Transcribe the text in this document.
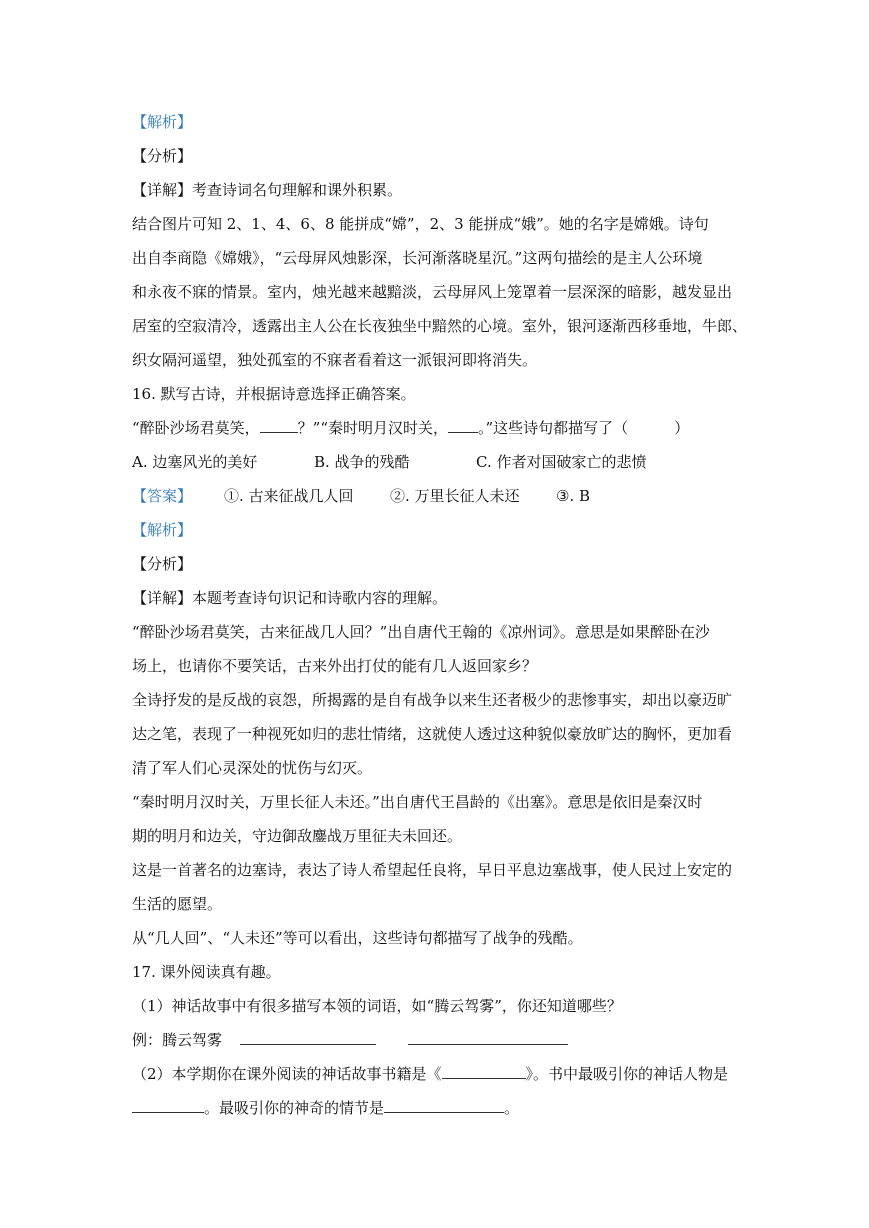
【解析】
【分析】
【详解】考查诗词名句理解和课外积累。
结合图片可知 2、1、4、6、8 能拼成“嫦”，2、3 能拼成“娥”。她的名字是嫦娥。诗句
出自李商隐《嫦娥》，“云母屏风烛影深，长河渐落晓星沉。”这两句描绘的是主人公环境
和永夜不寐的情景。室内，烛光越来越黯淡，云母屏风上笼罩着一层深深的暗影，越发显出
居室的空寂清冷，透露出主人公在长夜独坐中黯然的心境。室外，银河逐渐西移垂地，牛郎、
织女隔河遥望，独处孤室的不寐者看着这一派银河即将消失。
16. 默写古诗，并根据诗意选择正确答案。
“醉卧沙场君莫笑，	？”“秦时明月汉时关， 。”这些诗句都描写了（	）
A. 边塞风光的美好	B. 战争的残酷	C. 作者对国破家亡的悲愤
【答案】 ①. 古来征战几人回 ②. 万里长征人未还 ③. B
【解析】
【分析】
【详解】本题考查诗句识记和诗歌内容的理解。
“醉卧沙场君莫笑，古来征战几人回？”出自唐代王翰的《凉州词》。意思是如果醉卧在沙
场上，也请你不要笑话，古来外出打仗的能有几人返回家乡？
全诗抒发的是反战的哀怨，所揭露的是自有战争以来生还者极少的悲惨事实，却出以豪迈旷
达之笔，表现了一种视死如归的悲壮情绪，这就使人透过这种貌似豪放旷达的胸怀，更加看
清了军人们心灵深处的忧伤与幻灭。
“秦时明月汉时关，万里长征人未还。”出自唐代王昌龄的《出塞》。意思是依旧是秦汉时
期的明月和边关，守边御敌鏖战万里征夫未回还。
这是一首著名的边塞诗，表达了诗人希望起任良将，早日平息边塞战事，使人民过上安定的
生活的愿望。
从“几人回”、“人未还”等可以看出，这些诗句都描写了战争的残酷。
17. 课外阅读真有趣。
（1）神话故事中有很多描写本领的词语，如“腾云驾雾”，你还知道哪些？
例：腾云驾雾
（2）本学期你在课外阅读的神话故事书籍是《	》。书中最吸引你的神话人物是
。最吸引你的神奇的情节是	。
